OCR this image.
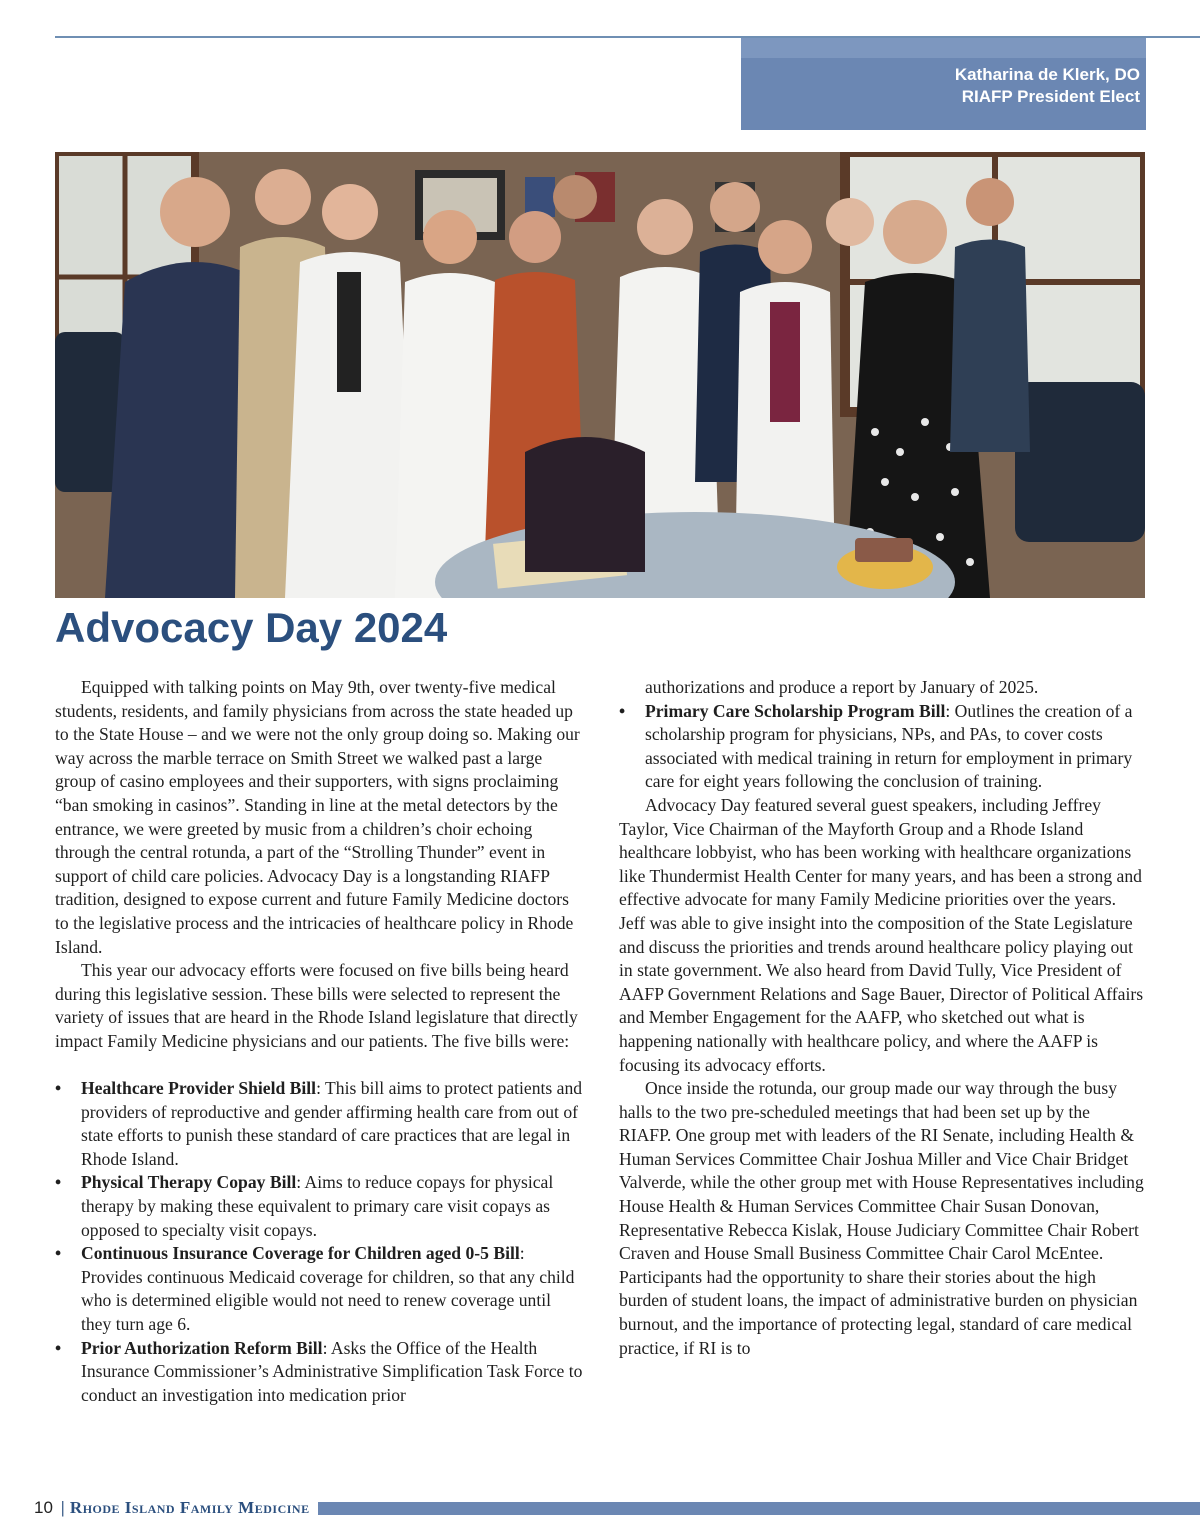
Katharina de Klerk, DO
RIAFP President Elect
Advocacy Day 2024

Equipped with talking points on May 9th, over twenty-five medical students, residents, and family physicians from across the state headed up to the State House – and we were not the only group doing so. Making our way across the marble terrace on Smith Street we walked past a large group of casino employees and their supporters, with signs proclaiming “ban smoking in casinos”. Standing in line at the metal detectors by the entrance, we were greeted by music from a children’s choir echoing through the central rotunda, a part of the “Strolling Thunder” event in support of child care policies. Advocacy Day is a longstanding RIAFP tradition, designed to expose current and future Family Medicine doctors to the legislative process and the intricacies of healthcare policy in Rhode Island.

This year our advocacy efforts were focused on five bills being heard during this legislative session. These bills were selected to represent the variety of issues that are heard in the Rhode Island legislature that directly impact Family Medicine physicians and our patients. The five bills were:

• Healthcare Provider Shield Bill: This bill aims to protect patients and providers of reproductive and gender affirming health care from out of state efforts to punish these standard of care practices that are legal in Rhode Island.
• Physical Therapy Copay Bill: Aims to reduce copays for physical therapy by making these equivalent to primary care visit copays as opposed to specialty visit copays.
• Continuous Insurance Coverage for Children aged 0-5 Bill: Provides continuous Medicaid coverage for children, so that any child who is determined eligible would not need to renew coverage until they turn age 6.
• Prior Authorization Reform Bill: Asks the Office of the Health Insurance Commissioner’s Administrative Simplification Task Force to conduct an investigation into medication prior

authorizations and produce a report by January of 2025.

• Primary Care Scholarship Program Bill: Outlines the creation of a scholarship program for physicians, NPs, and PAs, to cover costs associated with medical training in return for employment in primary care for eight years following the conclusion of training.

Advocacy Day featured several guest speakers, including Jeffrey Taylor, Vice Chairman of the Mayforth Group and a Rhode Island healthcare lobbyist, who has been working with healthcare organizations like Thundermist Health Center for many years, and has been a strong and effective advocate for many Family Medicine priorities over the years. Jeff was able to give insight into the composition of the State Legislature and discuss the priorities and trends around healthcare policy playing out in state government. We also heard from David Tully, Vice President of AAFP Government Relations and Sage Bauer, Director of Political Affairs and Member Engagement for the AAFP, who sketched out what is happening nationally with healthcare policy, and where the AAFP is focusing its advocacy efforts.

Once inside the rotunda, our group made our way through the busy halls to the two pre-scheduled meetings that had been set up by the RIAFP. One group met with leaders of the RI Senate, including Health & Human Services Committee Chair Joshua Miller and Vice Chair Bridget Valverde, while the other group met with House Representatives including House Health & Human Services Committee Chair Susan Donovan, Representative Rebecca Kislak, House Judiciary Committee Chair Robert Craven and House Small Business Committee Chair Carol McEntee. Participants had the opportunity to share their stories about the high burden of student loans, the impact of administrative burden on physician burnout, and the importance of protecting legal, standard of care medical practice, if RI is to

10 | Rhode Island Family Medicine
